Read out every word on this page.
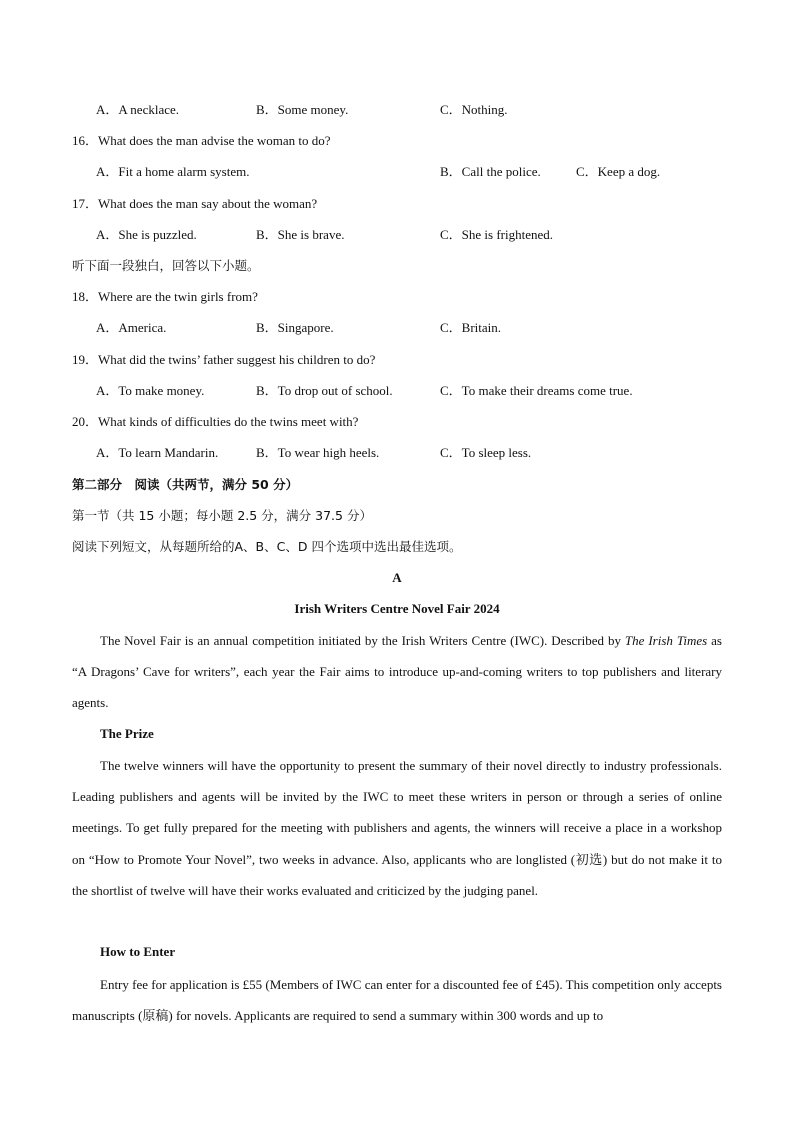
A．A necklace.	B．Some money.	C．Nothing.
16．What does the man advise the woman to do?
A．Fit a home alarm system.	B．Call the police.	C．Keep a dog.
17．What does the man say about the woman?
A．She is puzzled.	B．She is brave.	C．She is frightened.
听下面一段独白，回答以下小题。
18．Where are the twin girls from?
A．America.	B．Singapore.	C．Britain.
19．What did the twins’ father suggest his children to do?
A．To make money.	B．To drop out of school.	C．To make their dreams come true.
20．What kinds of difficulties do the twins meet with?
A．To learn Mandarin.	B．To wear high heels.	C．To sleep less.
第二部分　阅读（共两节，满分 50 分）
第一节（共 15 小题；每小题 2.5 分，满分 37.5 分）
阅读下列短文，从每题所给的A、B、C、D 四个选项中选出最佳选项。
A
Irish Writers Centre Novel Fair 2024
The Novel Fair is an annual competition initiated by the Irish Writers Centre (IWC). Described by The Irish Times as “A Dragons’ Cave for writers”, each year the Fair aims to introduce up-and-coming writers to top publishers and literary agents.
The Prize
The twelve winners will have the opportunity to present the summary of their novel directly to industry professionals. Leading publishers and agents will be invited by the IWC to meet these writers in person or through a series of online meetings. To get fully prepared for the meeting with publishers and agents, the winners will receive a place in a workshop on “How to Promote Your Novel”, two weeks in advance. Also, applicants who are longlisted (初选) but do not make it to the shortlist of twelve will have their works evaluated and criticized by the judging panel.
How to Enter
Entry fee for application is £55 (Members of IWC can enter for a discounted fee of £45). This competition only accepts manuscripts (原稿) for novels. Applicants are required to send a summary within 300 words and up to
